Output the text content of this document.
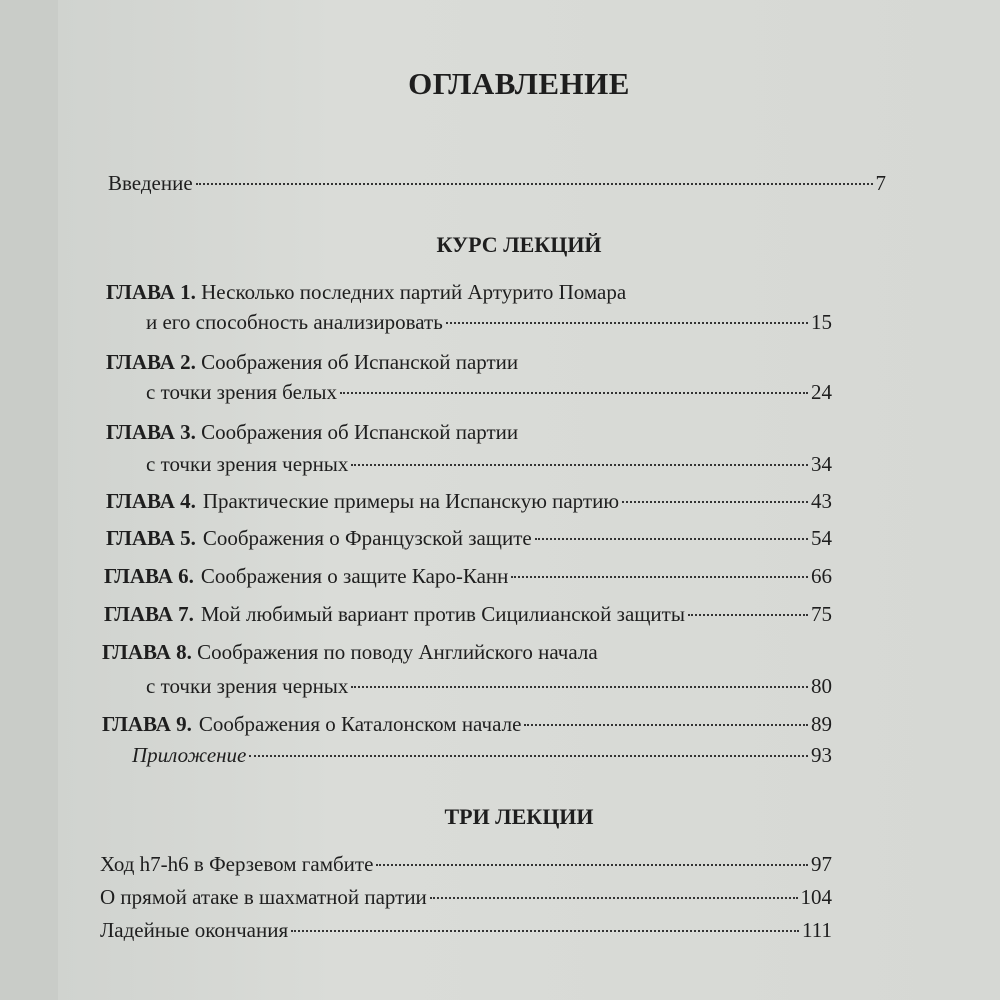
ОГЛАВЛЕНИЕ
Введение	7
КУРС ЛЕКЦИЙ
ГЛАВА 1. Несколько последних партий Артурито Помара
и его способность анализировать	15
ГЛАВА 2. Соображения об Испанской партии
с точки зрения белых	24
ГЛАВА 3. Соображения об Испанской партии
с точки зрения черных	34
ГЛАВА 4. Практические примеры на Испанскую партию	43
ГЛАВА 5. Соображения о Французской защите	54
ГЛАВА 6. Соображения о защите Каро-Канн	66
ГЛАВА 7. Мой любимый вариант против Сицилианской защиты	75
ГЛАВА 8. Соображения по поводу Английского начала
с точки зрения черных	80
ГЛАВА 9. Соображения о Каталонском начале	89
Приложение	93
ТРИ ЛЕКЦИИ
Ход h7-h6 в Ферзевом гамбите	97
О прямой атаке в шахматной партии	104
Ладейные окончания	111
